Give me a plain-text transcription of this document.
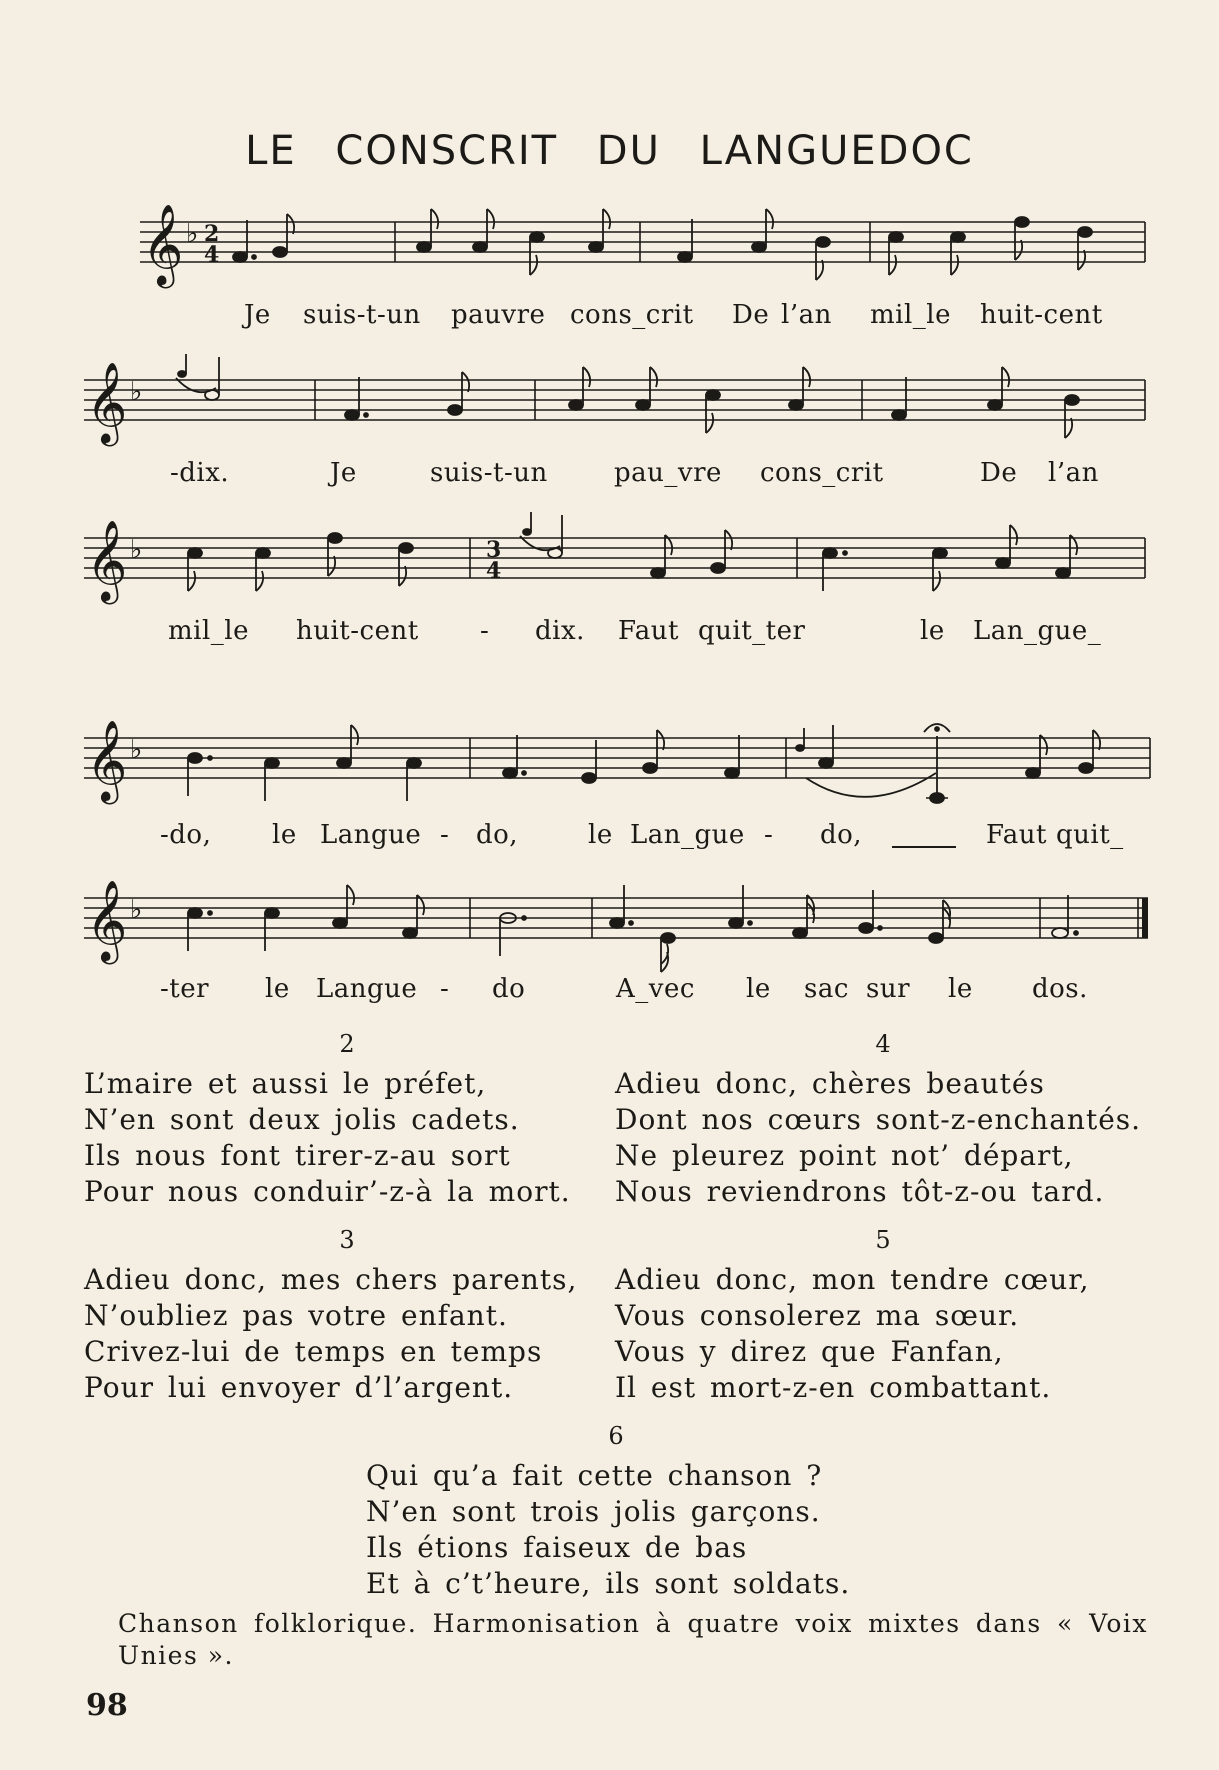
LE CONSCRIT DU LANGUEDOC
𝄞 ♭ 2
4
Je suis-t-un pauvre cons_crit De l’an mil_le huit-cent
𝄞 ♭
-dix.	Je	suis-t-un	pau_vre cons_crit	De l’an
𝄞 ♭	3
4
mil_le huit-cent - dix. Faut quit_ter	le Lan_gue_
𝄞 ♭
-do, le Langue - do,	le Lan_gue - do,	Faut quit_
𝄞 ♭
-ter le Langue - do	A_vec le sac sur le dos.
2
L’maire et aussi le préfet,
N’en sont deux jolis cadets.
Ils nous font tirer-z-au sort
Pour nous conduir’-z-à la mort.
4
Adieu donc, chères beautés
Dont nos cœurs sont-z-enchantés.
Ne pleurez point not’ départ,
Nous reviendrons tôt-z-ou tard.
3
Adieu donc, mes chers parents,
N’oubliez pas votre enfant.
Crivez-lui de temps en temps
Pour lui envoyer d’l’argent.
5
Adieu donc, mon tendre cœur,
Vous consolerez ma sœur.
Vous y direz que Fanfan,
Il est mort-z-en combattant.
6
Qui qu’a fait cette chanson ?
N’en sont trois jolis garçons.
Ils étions faiseux de bas
Et à c’t’heure, ils sont soldats.
Chanson folklorique. Harmonisation à quatre voix mixtes dans « Voix Unies ».
98
